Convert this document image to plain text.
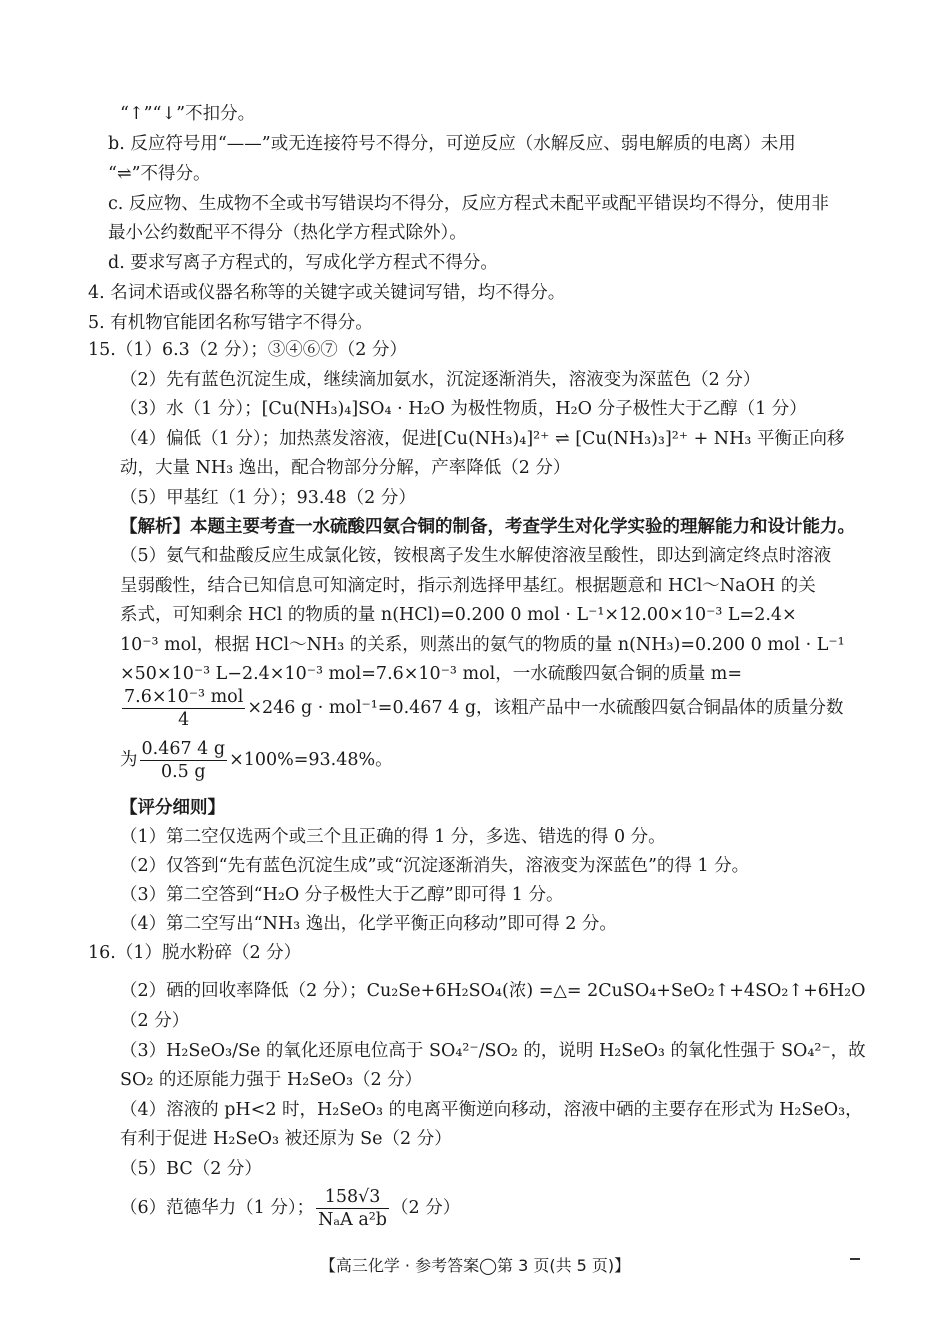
“↑”“↓”不扣分。
b. 反应符号用“——”或无连接符号不得分，可逆反应（水解反应、弱电解质的电离）未用
“⇌”不得分。
c. 反应物、生成物不全或书写错误均不得分，反应方程式未配平或配平错误均不得分，使用非
最小公约数配平不得分（热化学方程式除外）。
d. 要求写离子方程式的，写成化学方程式不得分。
4. 名词术语或仪器名称等的关键字或关键词写错，均不得分。
5. 有机物官能团名称写错字不得分。
15.（1）6.3（2 分）；③④⑥⑦（2 分）
（2）先有蓝色沉淀生成，继续滴加氨水，沉淀逐渐消失，溶液变为深蓝色（2 分）
（3）水（1 分）；[Cu(NH₃)₄]SO₄ · H₂O 为极性物质，H₂O 分子极性大于乙醇（1 分）
（4）偏低（1 分）；加热蒸发溶液，促进[Cu(NH₃)₄]²⁺ ⇌ [Cu(NH₃)₃]²⁺ + NH₃ 平衡正向移
动，大量 NH₃ 逸出，配合物部分分解，产率降低（2 分）
（5）甲基红（1 分）；93.48（2 分）
【解析】本题主要考查一水硫酸四氨合铜的制备，考查学生对化学实验的理解能力和设计能力。
（5）氨气和盐酸反应生成氯化铵，铵根离子发生水解使溶液呈酸性，即达到滴定终点时溶液
呈弱酸性，结合已知信息可知滴定时，指示剂选择甲基红。根据题意和 HCl～NaOH 的关
系式，可知剩余 HCl 的物质的量 n(HCl)=0.200 0 mol · L⁻¹×12.00×10⁻³ L=2.4×
10⁻³ mol，根据 HCl～NH₃ 的关系，则蒸出的氨气的物质的量 n(NH₃)=0.200 0 mol · L⁻¹
×50×10⁻³ L−2.4×10⁻³ mol=7.6×10⁻³ mol，一水硫酸四氨合铜的质量 m=
$\frac{\text{7.6×10⁻³ mol}}{4} \times 246$ g · mol⁻¹=0.467 4 g，该粗产品中一水硫酸四氨合铜晶体的质量分数
为 $\frac{0.467 4 g}{0.5 g} \times 100\%=93.48\%$。
【评分细则】
（1）第二空仅选两个或三个且正确的得 1 分，多选、错选的得 0 分。
（2）仅答到“先有蓝色沉淀生成”或“沉淀逐渐消失，溶液变为深蓝色”的得 1 分。
（3）第二空答到“H₂O 分子极性大于乙醇”即可得 1 分。
（4）第二空写出“NH₃ 逸出，化学平衡正向移动”即可得 2 分。
16.（1）脱水粉碎（2 分）
（2）硒的回收率降低（2 分）；Cu₂Se+6H₂SO₄(浓) =△= 2CuSO₄+SeO₂↑+4SO₂↑+6H₂O
（2 分）
（3）H₂SeO₃/Se 的氧化还原电位高于 SO₄²⁻/SO₂ 的，说明 H₂SeO₃ 的氧化性强于 SO₄²⁻，故
SO₂ 的还原能力强于 H₂SeO₃（2 分）
（4）溶液的 pH<2 时，H₂SeO₃ 的电离平衡逆向移动，溶液中硒的主要存在形式为 H₂SeO₃，
有利于促进 H₂SeO₃ 被还原为 Se（2 分）
（5）BC（2 分）
（6）范德华力（1 分）； $\frac{158√3}{\text{NₐA a²b}} (2$ 分）
【高三化学 · 参考答案◯第 3 页(共 5 页)】
